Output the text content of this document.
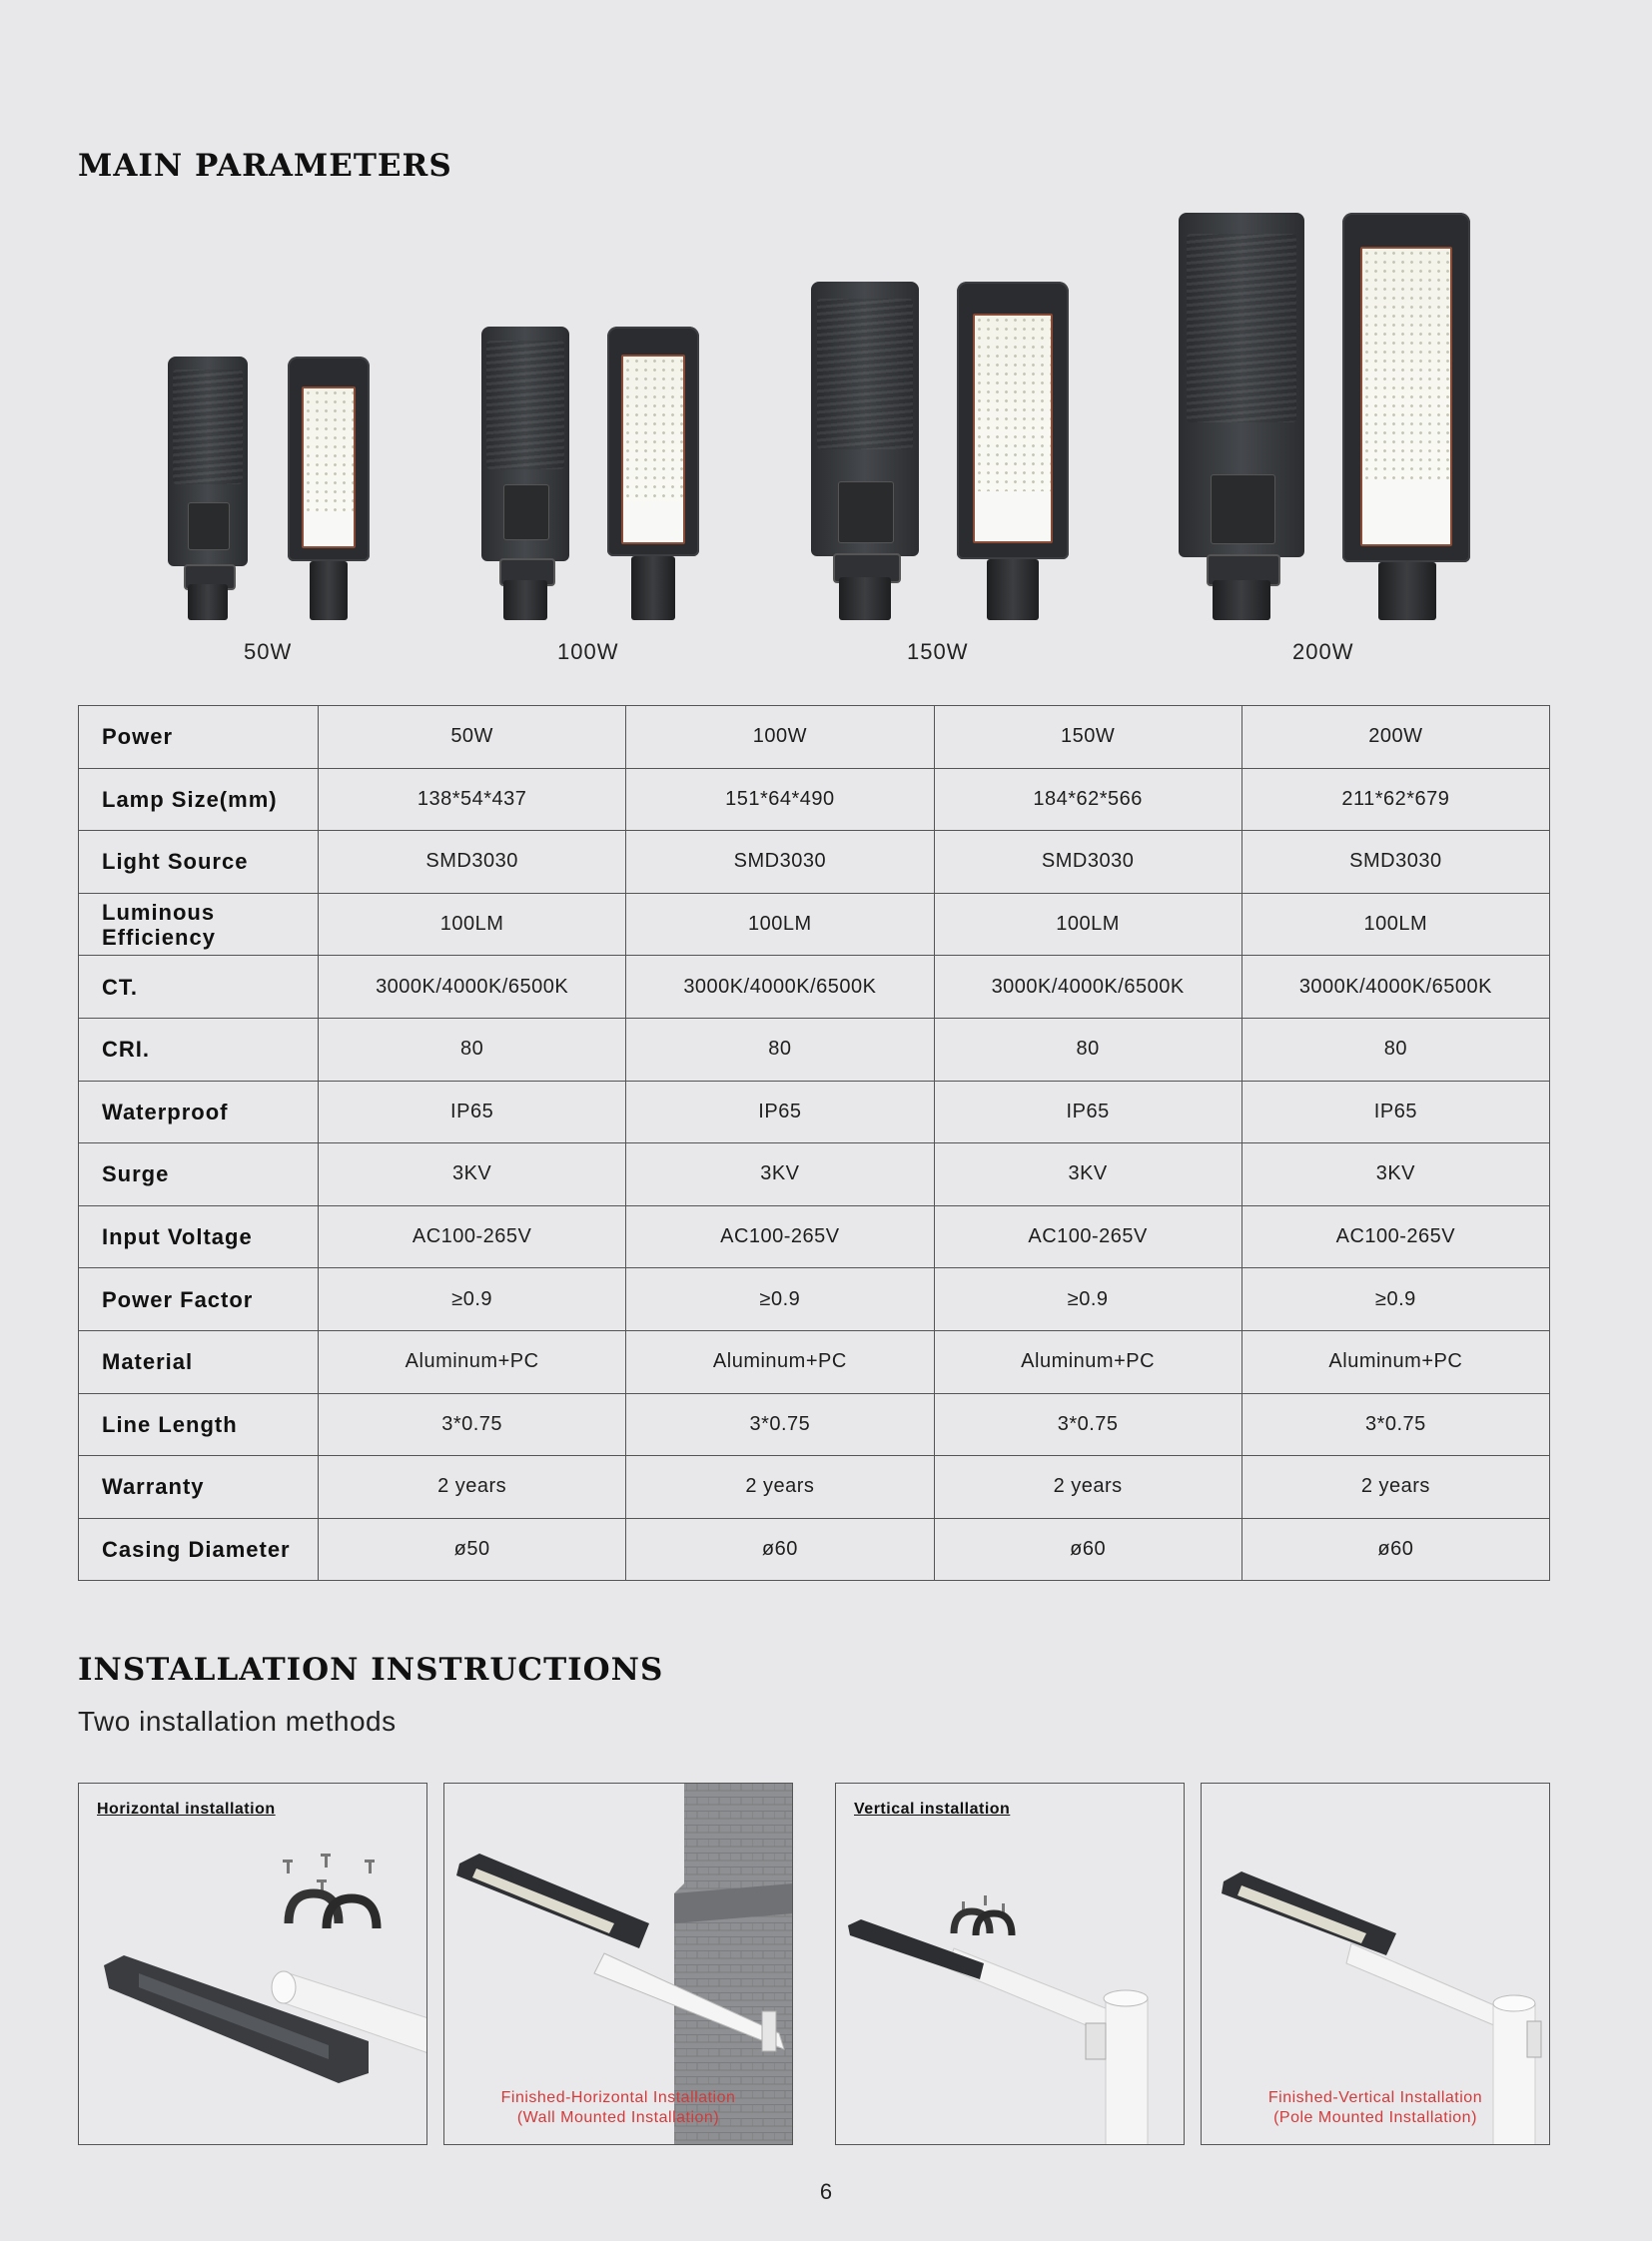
MAIN PARAMETERS
50W	100W	150W	200W
Power	50W	100W	150W	200W
Lamp Size(mm)	138*54*437	151*64*490	184*62*566	211*62*679
Light Source	SMD3030	SMD3030	SMD3030	SMD3030
Luminous Efficiency	100LM	100LM	100LM	100LM
CT.	3000K/4000K/6500K	3000K/4000K/6500K	3000K/4000K/6500K	3000K/4000K/6500K
CRI.	80	80	80	80
Waterproof	IP65	IP65	IP65	IP65
Surge	3KV	3KV	3KV	3KV
Input Voltage	AC100-265V	AC100-265V	AC100-265V	AC100-265V
Power Factor	≥0.9	≥0.9	≥0.9	≥0.9
Material	Aluminum+PC	Aluminum+PC	Aluminum+PC	Aluminum+PC
Line Length	3*0.75	3*0.75	3*0.75	3*0.75
Warranty	2 years	2 years	2 years	2 years
Casing Diameter	ø50	ø60	ø60	ø60
INSTALLATION INSTRUCTIONS
Two installation methods
Horizontal installation
Finished-Horizontal Installation
(Wall Mounted Installation)
Vertical installation
Finished-Vertical Installation
(Pole Mounted Installation)
6
